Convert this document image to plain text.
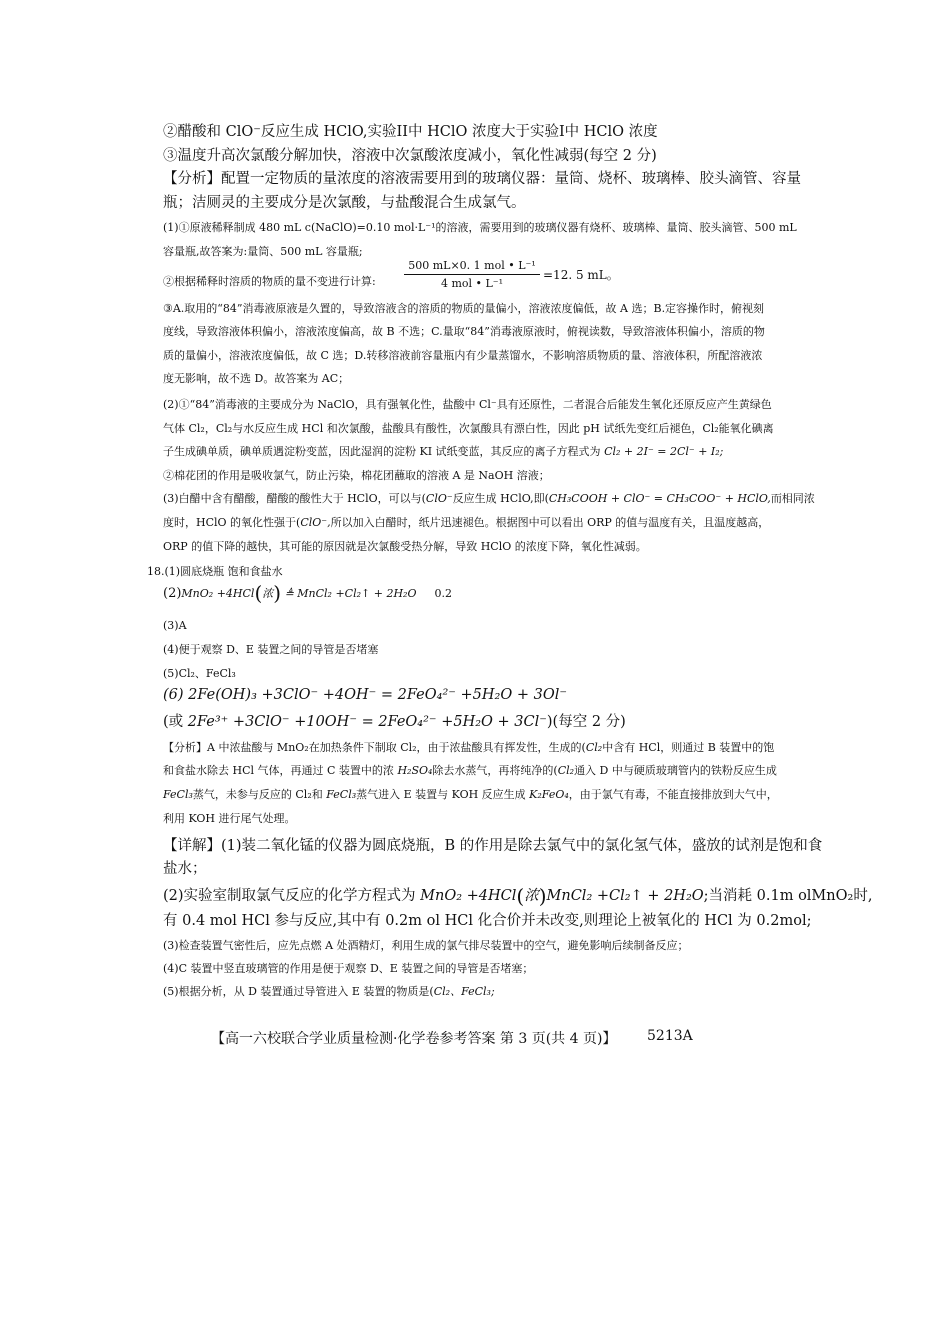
②醋酸和 ClO⁻反应生成 HClO,实验II中 HClO 浓度大于实验I中 HClO 浓度
③温度升高次氯酸分解加快，溶液中次氯酸浓度减小，氧化性减弱(每空 2 分)
【分析】配置一定物质的量浓度的溶液需要用到的玻璃仪器：量筒、烧杯、玻璃棒、胶头滴管、容量
瓶；洁厕灵的主要成分是次氯酸，与盐酸混合生成氯气。
(1)①原液稀释制成 480 mL c(NaClO)=0.10 mol·L⁻¹的溶液，需要用到的玻璃仪器有烧杯、玻璃棒、量筒、胶头滴管、500 mL
容量瓶,故答案为:量筒、500 mL 容量瓶;
②根据稀释时溶质的物质的量不变进行计算:
500 mL×0. 1 mol • L⁻¹
4 mol • L⁻¹
=12. 5 mL。
③A.取用的“84”消毒液原液是久置的，导致溶液含的溶质的物质的量偏小，溶液浓度偏低，故 A 选；B.定容操作时，俯视刻
度线，导致溶液体积偏小，溶液浓度偏高，故 B 不选；C.量取“84”消毒液原液时，俯视读数，导致溶液体积偏小，溶质的物
质的量偏小，溶液浓度偏低，故 C 选；D.转移溶液前容量瓶内有少量蒸馏水，不影响溶质物质的量、溶液体积，所配溶液浓
度无影响，故不选 D。故答案为 AC；
(2)①“84”消毒液的主要成分为 NaClO，具有强氧化性，盐酸中 Cl⁻具有还原性，二者混合后能发生氧化还原反应产生黄绿色
气体 Cl₂，Cl₂与水反应生成 HCl 和次氯酸，盐酸具有酸性，次氯酸具有漂白性，因此 pH 试纸先变红后褪色，Cl₂能氧化碘离
子生成碘单质，碘单质遇淀粉变蓝，因此湿润的淀粉 KI 试纸变蓝，其反应的离子方程式为 Cl₂ + 2I⁻ = 2Cl⁻ + I₂;
②棉花团的作用是吸收氯气，防止污染，棉花团蘸取的溶液 A 是 NaOH 溶液；
(3)白醋中含有醋酸，醋酸的酸性大于 HClO，可以与(ClO⁻反应生成 HClO,即(CH₃COOH + ClO⁻ = CH₃COO⁻ + HClO,而相同浓
度时，HClO 的氧化性强于(ClO⁻,所以加入白醋时，纸片迅速褪色。根据图中可以看出 ORP 的值与温度有关，且温度越高，
ORP 的值下降的越快，其可能的原因就是次氯酸受热分解，导致 HClO 的浓度下降，氧化性减弱。
18.(1)圆底烧瓶 饱和食盐水
(2)MnO₂ +4HCl(浓) ≜ MnCl₂ +Cl₂↑ + 2H₂O 0.2
(3)A
(4)便于观察 D、E 装置之间的导管是否堵塞
(5)Cl₂、FeCl₃
(6) 2Fe(OH)₃ +3ClO⁻ +4OH⁻ = 2FeO₄²⁻ +5H₂O + 3Ol⁻
(或 2Fe³⁺ +3ClO⁻ +10OH⁻ = 2FeO₄²⁻ +5H₂O + 3Cl⁻)(每空 2 分)
【分析】A 中浓盐酸与 MnO₂在加热条件下制取 Cl₂，由于浓盐酸具有挥发性，生成的(Cl₂中含有 HCl，则通过 B 装置中的饱
和食盐水除去 HCl 气体，再通过 C 装置中的浓 H₂SO₄除去水蒸气，再将纯净的(Cl₂通入 D 中与硬质玻璃管内的铁粉反应生成
FeCl₃蒸气，未参与反应的 Cl₂和 FeCl₃蒸气进入 E 装置与 KOH 反应生成 K₂FeO₄，由于氯气有毒，不能直接排放到大气中，
利用 KOH 进行尾气处理。
【详解】(1)装二氧化锰的仪器为圆底烧瓶，B 的作用是除去氯气中的氯化氢气体，盛放的试剂是饱和食
盐水；
(2)实验室制取氯气反应的化学方程式为 MnO₂ +4HCl(浓)MnCl₂ +Cl₂↑ + 2H₂O;当消耗 0.1m olMnO₂时,
有 0.4 mol HCl 参与反应,其中有 0.2m ol HCl 化合价并未改变,则理论上被氧化的 HCl 为 0.2mol;
(3)检查装置气密性后，应先点燃 A 处酒精灯，利用生成的氯气排尽装置中的空气，避免影响后续制备反应；
(4)C 装置中竖直玻璃管的作用是便于观察 D、E 装置之间的导管是否堵塞；
(5)根据分析，从 D 装置通过导管进入 E 装置的物质是(Cl₂、FeCl₃;
【高一六校联合学业质量检测·化学卷参考答案 第 3 页(共 4 页)】 5213A
